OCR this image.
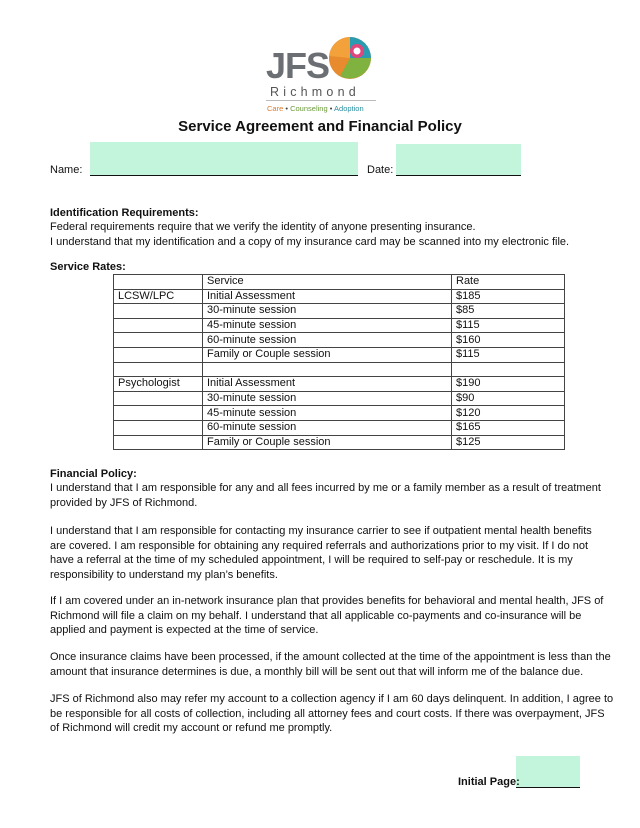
JFS
Richmond
Care • Counseling • Adoption
Service Agreement and Financial Policy
Name:	Date:
Identification Requirements:

Federal requirements require that we verify the identity of anyone presenting insurance.

I understand that my identification and a copy of my insurance card may be scanned into my electronic file.

Service Rates:
	Service	Rate
LCSW/LPC	Initial Assessment	$185
	30-minute session	$85
	45-minute session	$115
	60-minute session	$160
	Family or Couple session	$115

Psychologist	Initial Assessment	$190
	30-minute session	$90
	45-minute session	$120
	60-minute session	$165
	Family or Couple session	$125
Financial Policy:

I understand that I am responsible for any and all fees incurred by me or a family member as a result of treatment

provided by JFS of Richmond.

I understand that I am responsible for contacting my insurance carrier to see if outpatient mental health benefits

are covered. I am responsible for obtaining any required referrals and authorizations prior to my visit. If I do not

have a referral at the time of my scheduled appointment, I will be required to self-pay or reschedule. It is my

responsibility to understand my plan’s benefits.

If I am covered under an in-network insurance plan that provides benefits for behavioral and mental health, JFS of

Richmond will file a claim on my behalf. I understand that all applicable co-payments and co-insurance will be

applied and payment is expected at the time of service.

Once insurance claims have been processed, if the amount collected at the time of the appointment is less than the

amount that insurance determines is due, a monthly bill will be sent out that will inform me of the balance due.

JFS of Richmond also may refer my account to a collection agency if I am 60 days delinquent. In addition, I agree to

be responsible for all costs of collection, including all attorney fees and court costs. If there was overpayment, JFS

of Richmond will credit my account or refund me promptly.

Initial Page:
